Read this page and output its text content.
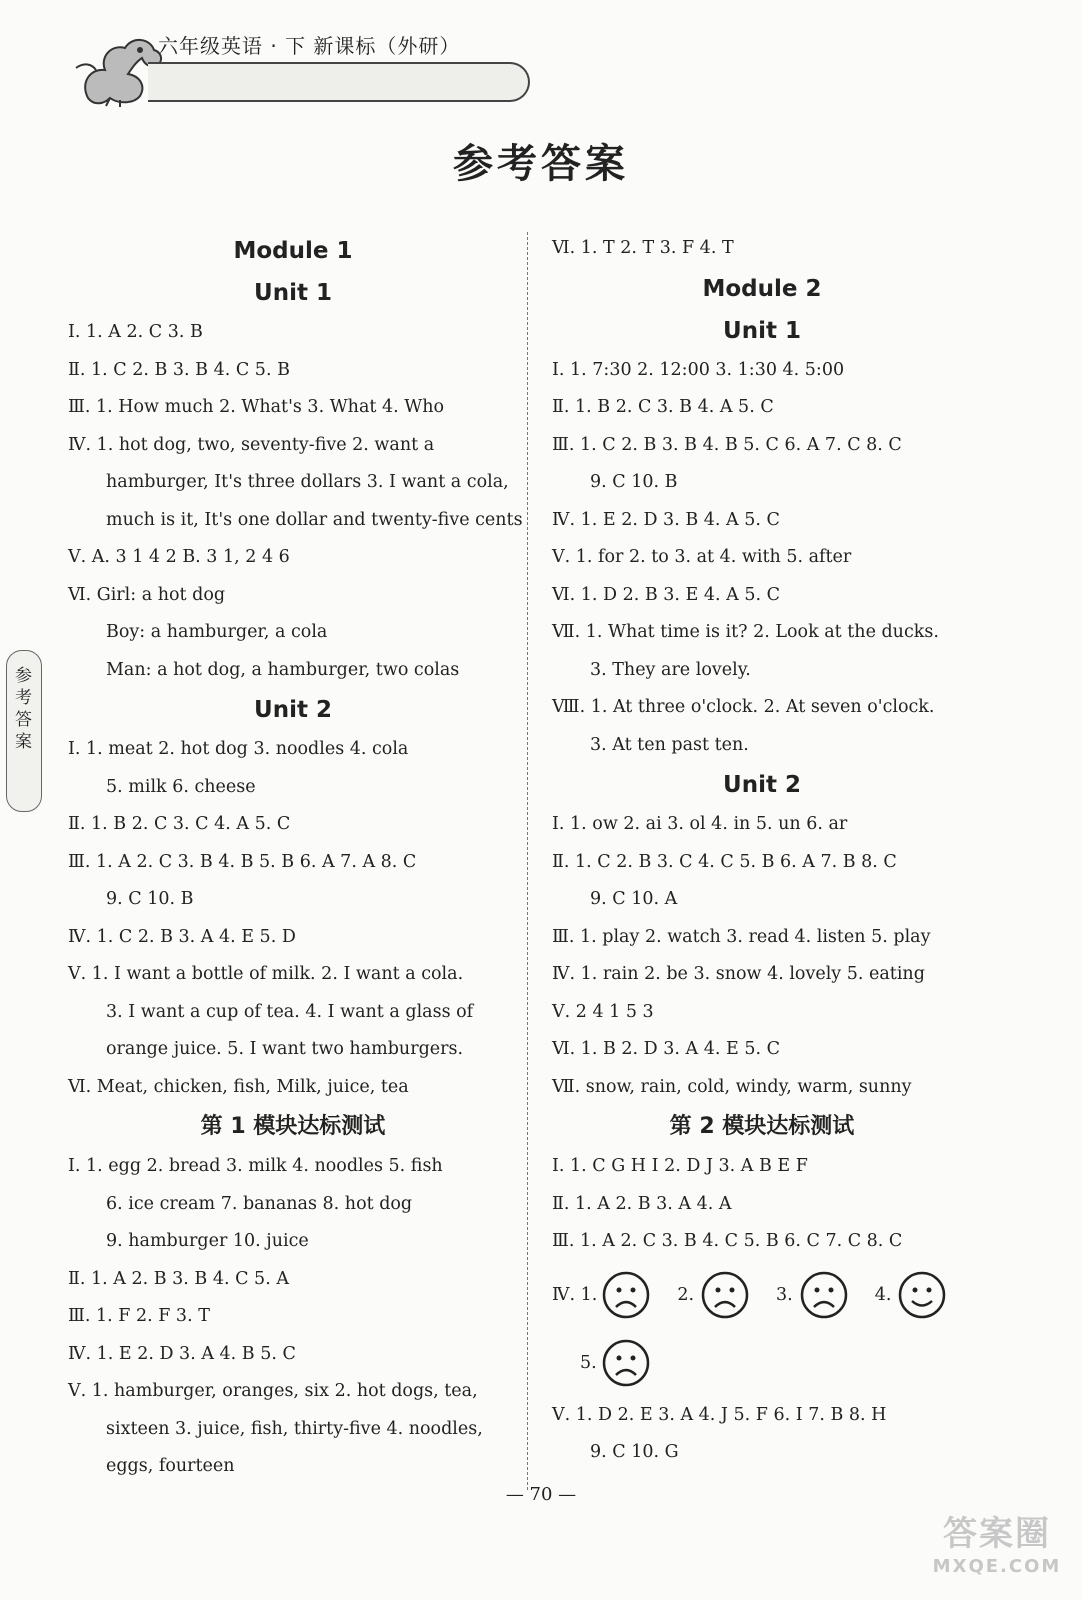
六年级英语 · 下 新课标（外研）
参考答案
参考答案
Module 1
Unit 1
Ⅰ. 1. A 2. C 3. B
Ⅱ. 1. C 2. B 3. B 4. C 5. B
Ⅲ. 1. How much 2. What's 3. What 4. Who
Ⅳ. 1. hot dog, two, seventy-five 2. want a
hamburger, It's three dollars 3. I want a cola,
much is it, It's one dollar and twenty-five cents
Ⅴ. A. 3 1 4 2 B. 3 1, 2 4 6
Ⅵ. Girl: a hot dog
Boy: a hamburger, a cola
Man: a hot dog, a hamburger, two colas
Unit 2
Ⅰ. 1. meat 2. hot dog 3. noodles 4. cola
5. milk 6. cheese
Ⅱ. 1. B 2. C 3. C 4. A 5. C
Ⅲ. 1. A 2. C 3. B 4. B 5. B 6. A 7. A 8. C
9. C 10. B
Ⅳ. 1. C 2. B 3. A 4. E 5. D
Ⅴ. 1. I want a bottle of milk. 2. I want a cola.
3. I want a cup of tea. 4. I want a glass of
orange juice. 5. I want two hamburgers.
Ⅵ. Meat, chicken, fish, Milk, juice, tea
第 1 模块达标测试
Ⅰ. 1. egg 2. bread 3. milk 4. noodles 5. fish
6. ice cream 7. bananas 8. hot dog
9. hamburger 10. juice
Ⅱ. 1. A 2. B 3. B 4. C 5. A
Ⅲ. 1. F 2. F 3. T
Ⅳ. 1. E 2. D 3. A 4. B 5. C
Ⅴ. 1. hamburger, oranges, six 2. hot dogs, tea,
sixteen 3. juice, fish, thirty-five 4. noodles,
eggs, fourteen
Ⅵ. 1. T 2. T 3. F 4. T
Module 2
Unit 1
Ⅰ. 1. 7:30 2. 12:00 3. 1:30 4. 5:00
Ⅱ. 1. B 2. C 3. B 4. A 5. C
Ⅲ. 1. C 2. B 3. B 4. B 5. C 6. A 7. C 8. C
9. C 10. B
Ⅳ. 1. E 2. D 3. B 4. A 5. C
Ⅴ. 1. for 2. to 3. at 4. with 5. after
Ⅵ. 1. D 2. B 3. E 4. A 5. C
Ⅶ. 1. What time is it? 2. Look at the ducks.
3. They are lovely.
Ⅷ. 1. At three o'clock. 2. At seven o'clock.
3. At ten past ten.
Unit 2
Ⅰ. 1. ow 2. ai 3. ol 4. in 5. un 6. ar
Ⅱ. 1. C 2. B 3. C 4. C 5. B 6. A 7. B 8. C
9. C 10. A
Ⅲ. 1. play 2. watch 3. read 4. listen 5. play
Ⅳ. 1. rain 2. be 3. snow 4. lovely 5. eating
Ⅴ. 2 4 1 5 3
Ⅵ. 1. B 2. D 3. A 4. E 5. C
Ⅶ. snow, rain, cold, windy, warm, sunny
第 2 模块达标测试
Ⅰ. 1. C G H I 2. D J 3. A B E F
Ⅱ. 1. A 2. B 3. A 4. A
Ⅲ. 1. A 2. C 3. B 4. C 5. B 6. C 7. C 8. C
Ⅳ. 1.	2.	3.	4.
5.
Ⅴ. 1. D 2. E 3. A 4. J 5. F 6. I 7. B 8. H
9. C 10. G
— 70 —
答案圈
MXQE.COM
